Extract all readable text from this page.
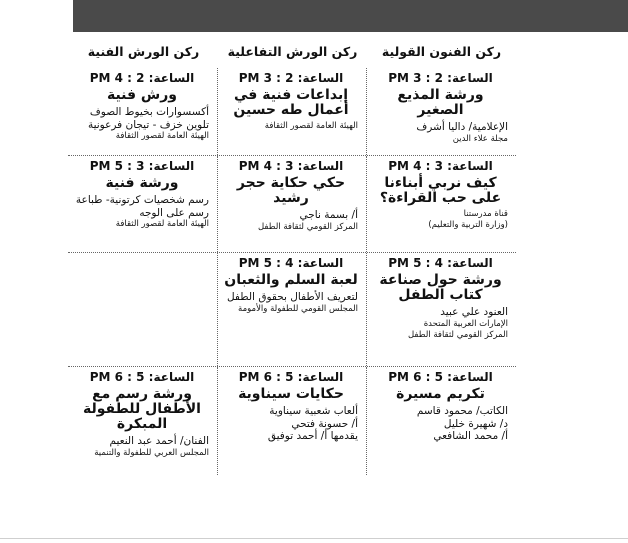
ركن الفنون القولية
ركن الورش التفاعلية
ركن الورش الفنية
الساعة: 2 : 3 PM
ورشة المذيع الصغير
الإعلامية/ داليا أشرف
مجلة علاء الدين
الساعة: 2 : 3 PM
إبداعات فنية في أعمال طه حسين
الهيئة العامة لقصور الثقافة
الساعة: 2 : 4 PM
ورش فنية
أكسسوارات بخيوط الصوف
تلوين خزف - تيجان فرعونية
الهيئة العامة لقصور الثقافة
الساعة: 3 : 4 PM
كيف نربي أبناءنا على حب القراءة؟
قناة مدرستنا
(وزارة التربية والتعليم)
الساعة: 3 : 4 PM
حكي حكاية حجر رشيد
أ/ بسمة ناجي
المركز القومي لثقافة الطفل
الساعة: 3 : 5 PM
ورشة فنية
رسم شخصيات كرتونية- طباعة
رسم على الوجه
الهيئة العامة لقصور الثقافة
الساعة: 4 : 5 PM
ورشة حول صناعة كتاب الطفل
العنود علي عبيد
الإمارات العربية المتحدة
المركز القومي لثقافة الطفل
الساعة: 4 : 5 PM
لعبة السلم والثعبان
لتعريف الأطفال بحقوق الطفل
المجلس القومي للطفولة والأمومة
الساعة: 5 : 6 PM
تكريم مسيرة
الكاتب/ محمود قاسم
د/ شهيرة خليل
أ/ محمد الشافعي
الساعة: 5 : 6 PM
حكايات سيناوية
ألعاب شعبية سيناوية
أ/ حسونة فتحي
يقدمها أ/ أحمد توفيق
الساعة: 5 : 6 PM
ورشة رسم مع الأطفال للطفولة المبكرة
الفنان/ أحمد عبد النعيم
المجلس العربي للطفولة والتنمية
